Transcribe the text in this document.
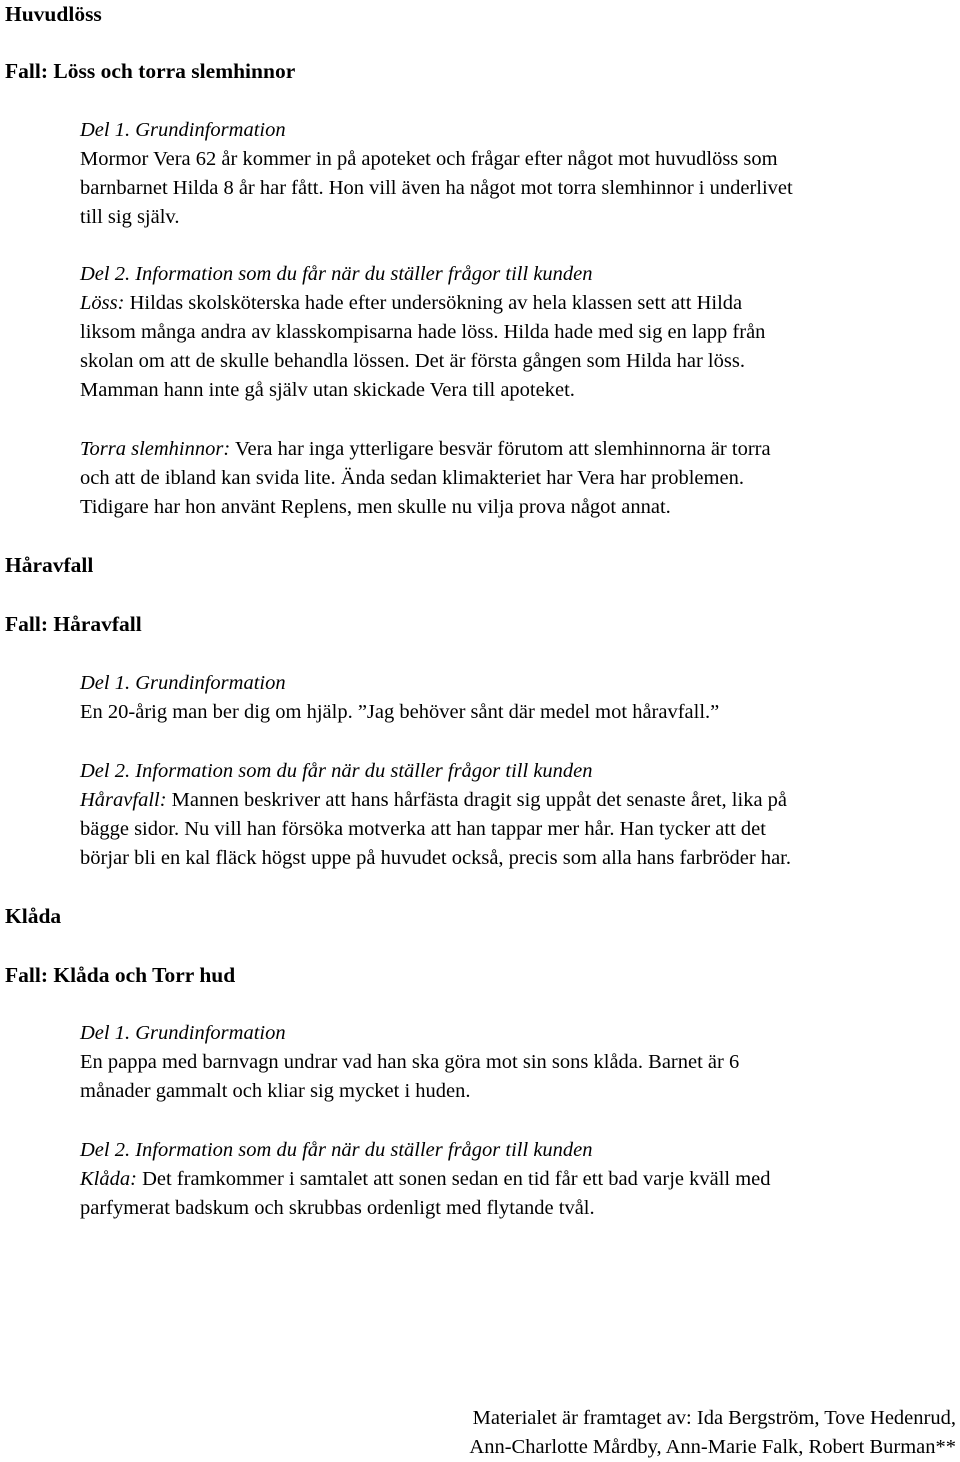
Huvudlöss

Fall: Löss och torra slemhinnor

Del 1. Grundinformation

Mormor Vera 62 år kommer in på apoteket och frågar efter något mot huvudlöss som

barnbarnet Hilda 8 år har fått. Hon vill även ha något mot torra slemhinnor i underlivet

till sig själv.

Del 2. Information som du får när du ställer frågor till kunden

Löss: Hildas skolsköterska hade efter undersökning av hela klassen sett att Hilda

liksom många andra av klasskompisarna hade löss. Hilda hade med sig en lapp från

skolan om att de skulle behandla lössen. Det är första gången som Hilda har löss.

Mamman hann inte gå själv utan skickade Vera till apoteket.

Torra slemhinnor: Vera har inga ytterligare besvär förutom att slemhinnorna är torra

och att de ibland kan svida lite. Ända sedan klimakteriet har Vera har problemen.

Tidigare har hon använt Replens, men skulle nu vilja prova något annat.

Håravfall

Fall: Håravfall

Del 1. Grundinformation

En 20-årig man ber dig om hjälp. ”Jag behöver sånt där medel mot håravfall.”

Del 2. Information som du får när du ställer frågor till kunden

Håravfall: Mannen beskriver att hans hårfästa dragit sig uppåt det senaste året, lika på

bägge sidor. Nu vill han försöka motverka att han tappar mer hår. Han tycker att det

börjar bli en kal fläck högst uppe på huvudet också, precis som alla hans farbröder har.

Klåda

Fall: Klåda och Torr hud

Del 1. Grundinformation

En pappa med barnvagn undrar vad han ska göra mot sin sons klåda. Barnet är 6

månader gammalt och kliar sig mycket i huden.

Del 2. Information som du får när du ställer frågor till kunden

Klåda: Det framkommer i samtalet att sonen sedan en tid får ett bad varje kväll med

parfymerat badskum och skrubbas ordenligt med flytande tvål.

Materialet är framtaget av: Ida Bergström, Tove Hedenrud,

Ann-Charlotte Mårdby, Ann-Marie Falk, Robert Burman**
